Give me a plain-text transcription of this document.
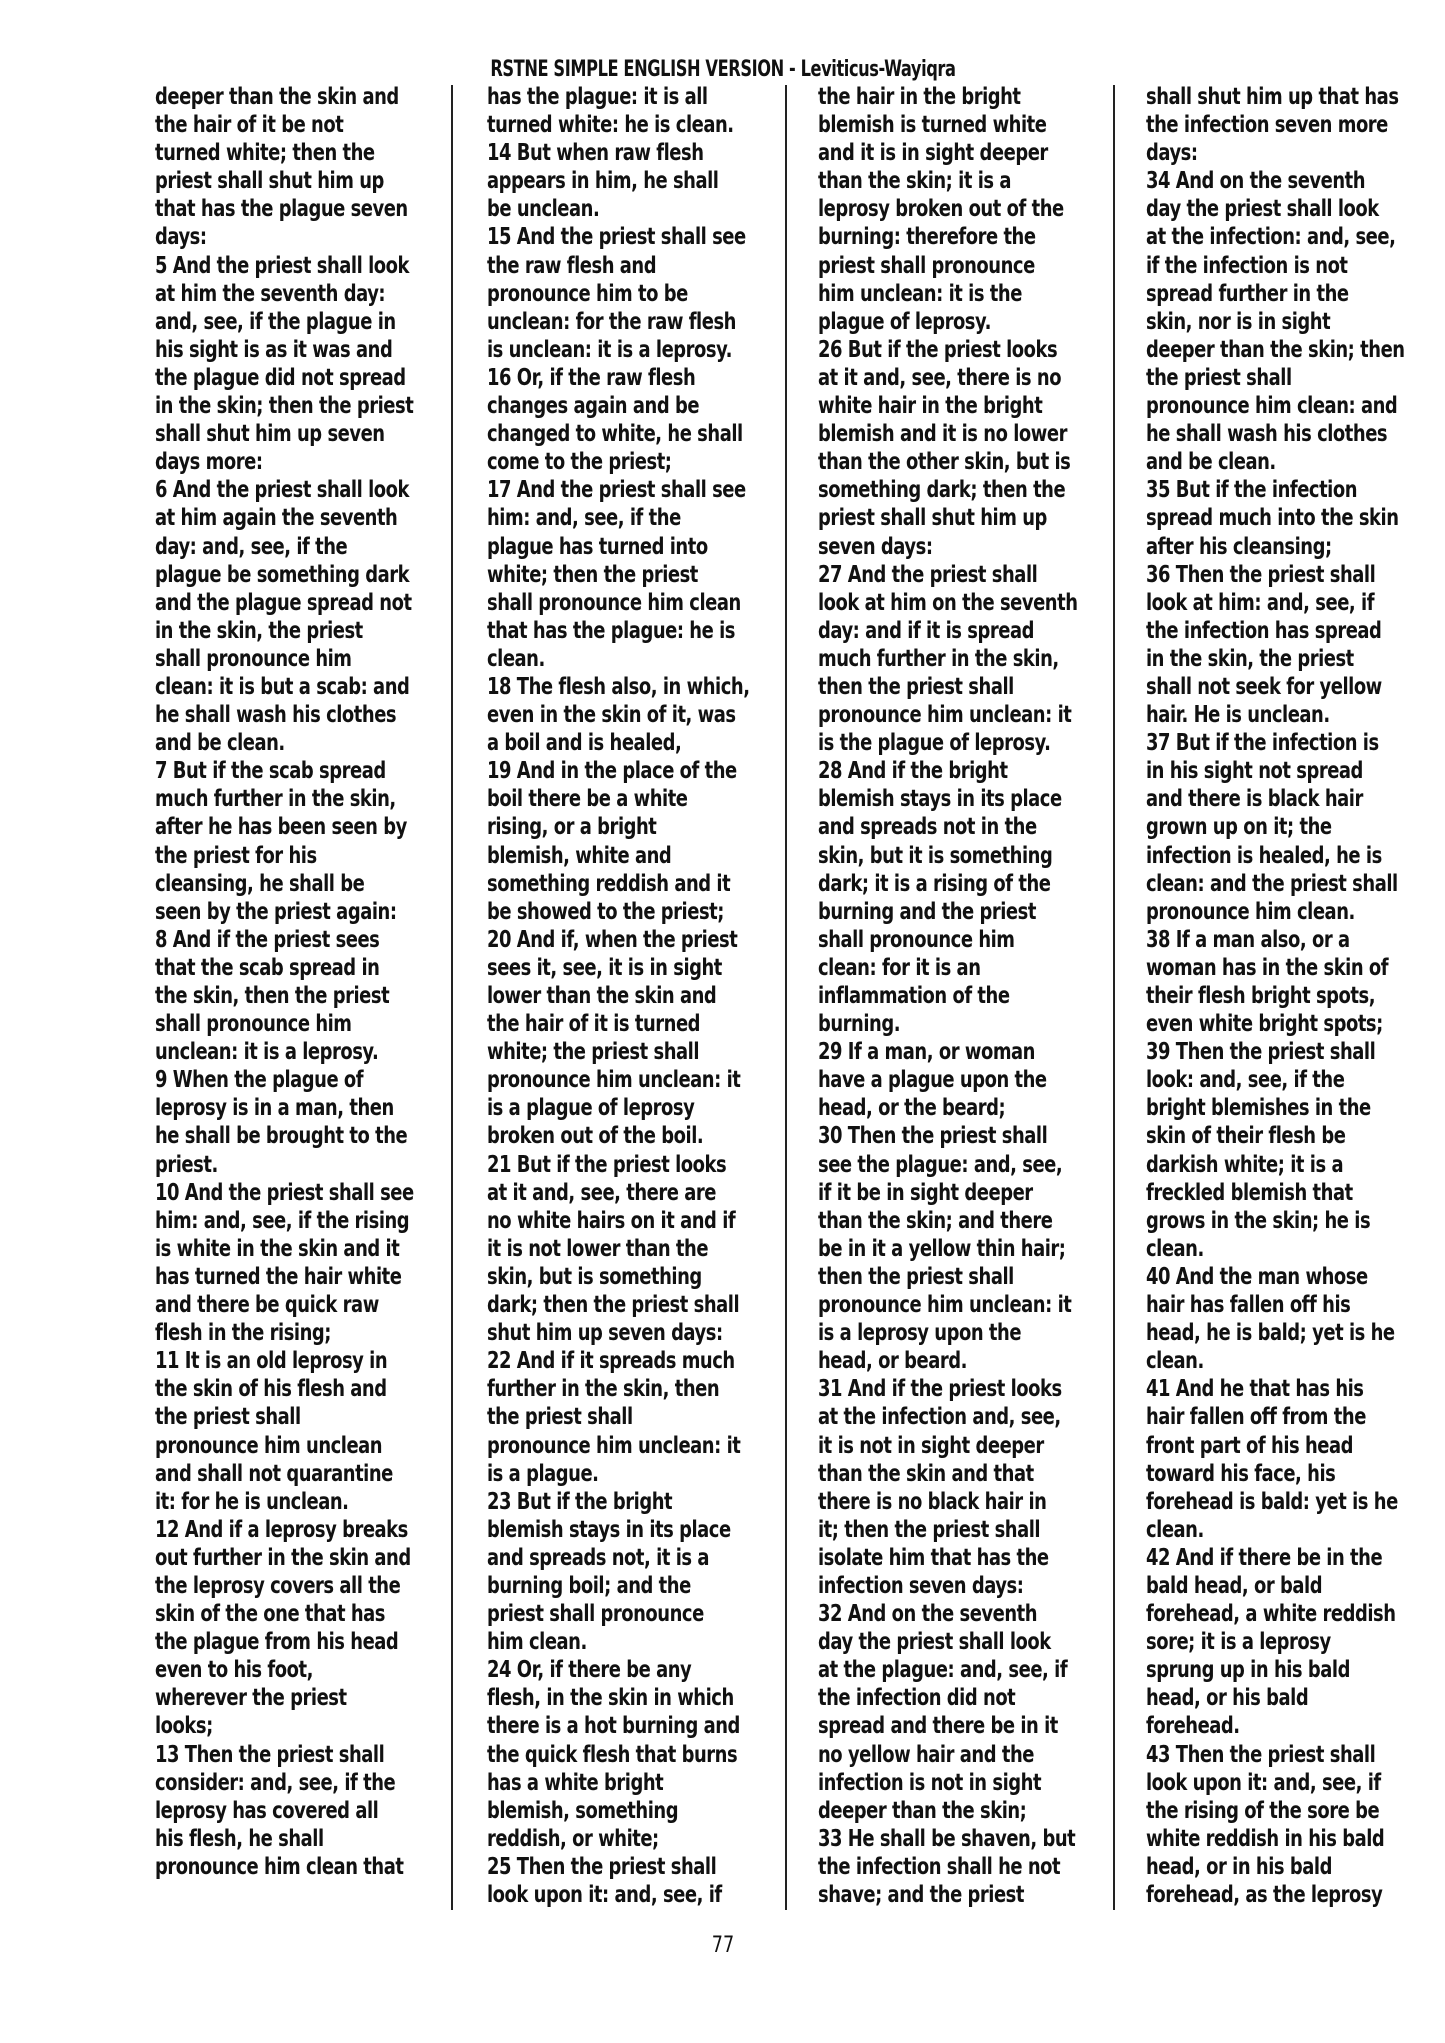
RSTNE SIMPLE ENGLISH VERSION - Leviticus-Wayiqra
deeper than the skin and
the hair of it be not
turned white; then the
priest shall shut him up
that has the plague seven
days:
5 And the priest shall look
at him the seventh day:
and, see, if the plague in
his sight is as it was and
the plague did not spread
in the skin; then the priest
shall shut him up seven
days more:
6 And the priest shall look
at him again the seventh
day: and, see, if the
plague be something dark
and the plague spread not
in the skin, the priest
shall pronounce him
clean: it is but a scab: and
he shall wash his clothes
and be clean.
7 But if the scab spread
much further in the skin,
after he has been seen by
the priest for his
cleansing, he shall be
seen by the priest again:
8 And if the priest sees
that the scab spread in
the skin, then the priest
shall pronounce him
unclean: it is a leprosy.
9 When the plague of
leprosy is in a man, then
he shall be brought to the
priest.
10 And the priest shall see
him: and, see, if the rising
is white in the skin and it
has turned the hair white
and there be quick raw
flesh in the rising;
11 It is an old leprosy in
the skin of his flesh and
the priest shall
pronounce him unclean
and shall not quarantine
it: for he is unclean.
12 And if a leprosy breaks
out further in the skin and
the leprosy covers all the
skin of the one that has
the plague from his head
even to his foot,
wherever the priest
looks;
13 Then the priest shall
consider: and, see, if the
leprosy has covered all
his flesh, he shall
pronounce him clean that
has the plague: it is all
turned white: he is clean.
14 But when raw flesh
appears in him, he shall
be unclean.
15 And the priest shall see
the raw flesh and
pronounce him to be
unclean: for the raw flesh
is unclean: it is a leprosy.
16 Or, if the raw flesh
changes again and be
changed to white, he shall
come to the priest;
17 And the priest shall see
him: and, see, if the
plague has turned into
white; then the priest
shall pronounce him clean
that has the plague: he is
clean.
18 The flesh also, in which,
even in the skin of it, was
a boil and is healed,
19 And in the place of the
boil there be a white
rising, or a bright
blemish, white and
something reddish and it
be showed to the priest;
20 And if, when the priest
sees it, see, it is in sight
lower than the skin and
the hair of it is turned
white; the priest shall
pronounce him unclean: it
is a plague of leprosy
broken out of the boil.
21 But if the priest looks
at it and, see, there are
no white hairs on it and if
it is not lower than the
skin, but is something
dark; then the priest shall
shut him up seven days:
22 And if it spreads much
further in the skin, then
the priest shall
pronounce him unclean: it
is a plague.
23 But if the bright
blemish stays in its place
and spreads not, it is a
burning boil; and the
priest shall pronounce
him clean.
24 Or, if there be any
flesh, in the skin in which
there is a hot burning and
the quick flesh that burns
has a white bright
blemish, something
reddish, or white;
25 Then the priest shall
look upon it: and, see, if
the hair in the bright
blemish is turned white
and it is in sight deeper
than the skin; it is a
leprosy broken out of the
burning: therefore the
priest shall pronounce
him unclean: it is the
plague of leprosy.
26 But if the priest looks
at it and, see, there is no
white hair in the bright
blemish and it is no lower
than the other skin, but is
something dark; then the
priest shall shut him up
seven days:
27 And the priest shall
look at him on the seventh
day: and if it is spread
much further in the skin,
then the priest shall
pronounce him unclean: it
is the plague of leprosy.
28 And if the bright
blemish stays in its place
and spreads not in the
skin, but it is something
dark; it is a rising of the
burning and the priest
shall pronounce him
clean: for it is an
inflammation of the
burning.
29 If a man, or woman
have a plague upon the
head, or the beard;
30 Then the priest shall
see the plague: and, see,
if it be in sight deeper
than the skin; and there
be in it a yellow thin hair;
then the priest shall
pronounce him unclean: it
is a leprosy upon the
head, or beard.
31 And if the priest looks
at the infection and, see,
it is not in sight deeper
than the skin and that
there is no black hair in
it; then the priest shall
isolate him that has the
infection seven days:
32 And on the seventh
day the priest shall look
at the plague: and, see, if
the infection did not
spread and there be in it
no yellow hair and the
infection is not in sight
deeper than the skin;
33 He shall be shaven, but
the infection shall he not
shave; and the priest
shall shut him up that has
the infection seven more
days:
34 And on the seventh
day the priest shall look
at the infection: and, see,
if the infection is not
spread further in the
skin, nor is in sight
deeper than the skin; then
the priest shall
pronounce him clean: and
he shall wash his clothes
and be clean.
35 But if the infection
spread much into the skin
after his cleansing;
36 Then the priest shall
look at him: and, see, if
the infection has spread
in the skin, the priest
shall not seek for yellow
hair. He is unclean.
37 But if the infection is
in his sight not spread
and there is black hair
grown up on it; the
infection is healed, he is
clean: and the priest shall
pronounce him clean.
38 If a man also, or a
woman has in the skin of
their flesh bright spots,
even white bright spots;
39 Then the priest shall
look: and, see, if the
bright blemishes in the
skin of their flesh be
darkish white; it is a
freckled blemish that
grows in the skin; he is
clean.
40 And the man whose
hair has fallen off his
head, he is bald; yet is he
clean.
41 And he that has his
hair fallen off from the
front part of his head
toward his face, his
forehead is bald: yet is he
clean.
42 And if there be in the
bald head, or bald
forehead, a white reddish
sore; it is a leprosy
sprung up in his bald
head, or his bald
forehead.
43 Then the priest shall
look upon it: and, see, if
the rising of the sore be
white reddish in his bald
head, or in his bald
forehead, as the leprosy
77
